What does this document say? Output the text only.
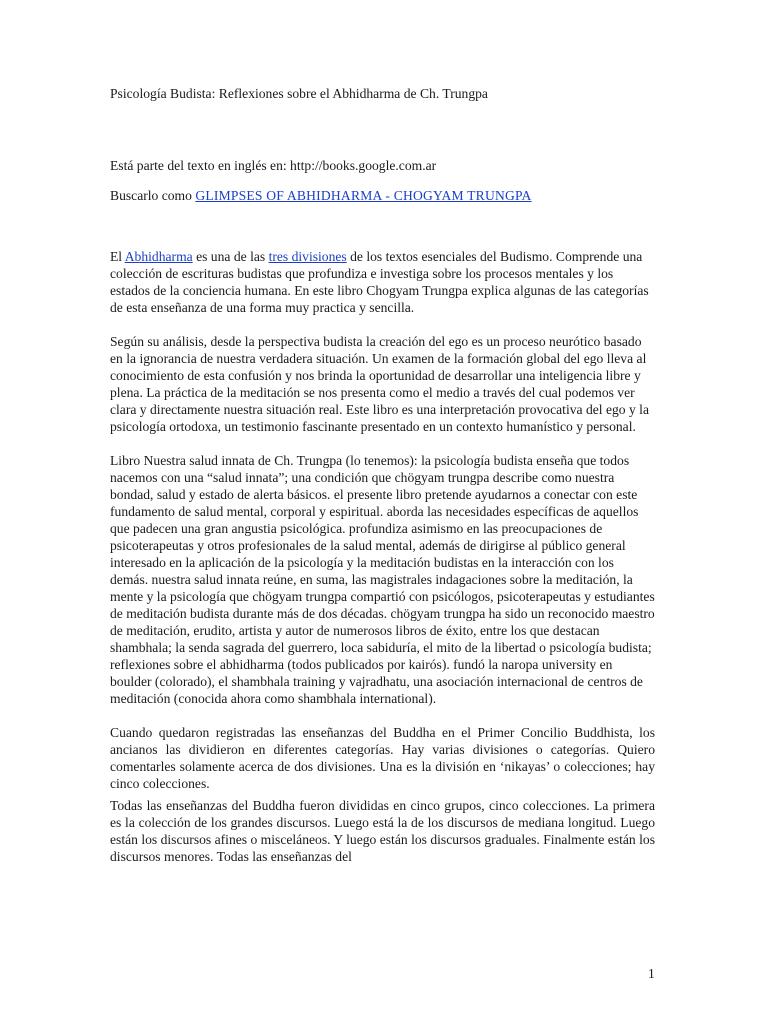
Psicología Budista: Reflexiones sobre el Abhidharma de Ch. Trungpa

Está parte del texto en inglés en: http://books.google.com.ar

Buscarlo como GLIMPSES OF ABHIDHARMA - CHOGYAM TRUNGPA

El Abhidharma es una de las tres divisiones de los textos esenciales del Budismo. Comprende una colección de escrituras budistas que profundiza e investiga sobre los procesos mentales y los estados de la conciencia humana. En este libro Chogyam Trungpa explica algunas de las categorías de esta enseñanza de una forma muy practica y sencilla.

Según su análisis, desde la perspectiva budista la creación del ego es un proceso neurótico basado en la ignorancia de nuestra verdadera situación. Un examen de la formación global del ego lleva al conocimiento de esta confusión y nos brinda la oportunidad de desarrollar una inteligencia libre y plena. La práctica de la meditación se nos presenta como el medio a través del cual podemos ver clara y directamente nuestra situación real. Este libro es una interpretación provocativa del ego y la psicología ortodoxa, un testimonio fascinante presentado en un contexto humanístico y personal.

Libro Nuestra salud innata de Ch. Trungpa (lo tenemos): la psicología budista enseña que todos nacemos con una “salud innata”; una condición que chögyam trungpa describe como nuestra bondad, salud y estado de alerta básicos. el presente libro pretende ayudarnos a conectar con este fundamento de salud mental, corporal y espiritual. aborda las necesidades específicas de aquellos que padecen una gran angustia psicológica. profundiza asimismo en las preocupaciones de psicoterapeutas y otros profesionales de la salud mental, además de dirigirse al público general interesado en la aplicación de la psicología y la meditación budistas en la interacción con los demás. nuestra salud innata reúne, en suma, las magistrales indagaciones sobre la meditación, la mente y la psicología que chögyam trungpa compartió con psicólogos, psicoterapeutas y estudiantes de meditación budista durante más de dos décadas. chögyam trungpa ha sido un reconocido maestro de meditación, erudito, artista y autor de numerosos libros de éxito, entre los que destacan shambhala; la senda sagrada del guerrero, loca sabiduría, el mito de la libertad o psicología budista; reflexiones sobre el abhidharma (todos publicados por kairós). fundó la naropa university en boulder (colorado), el shambhala training y vajradhatu, una asociación internacional de centros de meditación (conocida ahora como shambhala international).

Cuando quedaron registradas las enseñanzas del Buddha en el Primer Concilio Buddhista, los ancianos las dividieron en diferentes categorías. Hay varias divisiones o categorías. Quiero comentarles solamente acerca de dos divisiones. Una es la división en ‘nikayas’ o colecciones; hay cinco colecciones.

Todas las enseñanzas del Buddha fueron divididas en cinco grupos, cinco colecciones. La primera es la colección de los grandes discursos. Luego está la de los discursos de mediana longitud. Luego están los discursos afines o misceláneos. Y luego están los discursos graduales. Finalmente están los discursos menores. Todas las enseñanzas del

1
